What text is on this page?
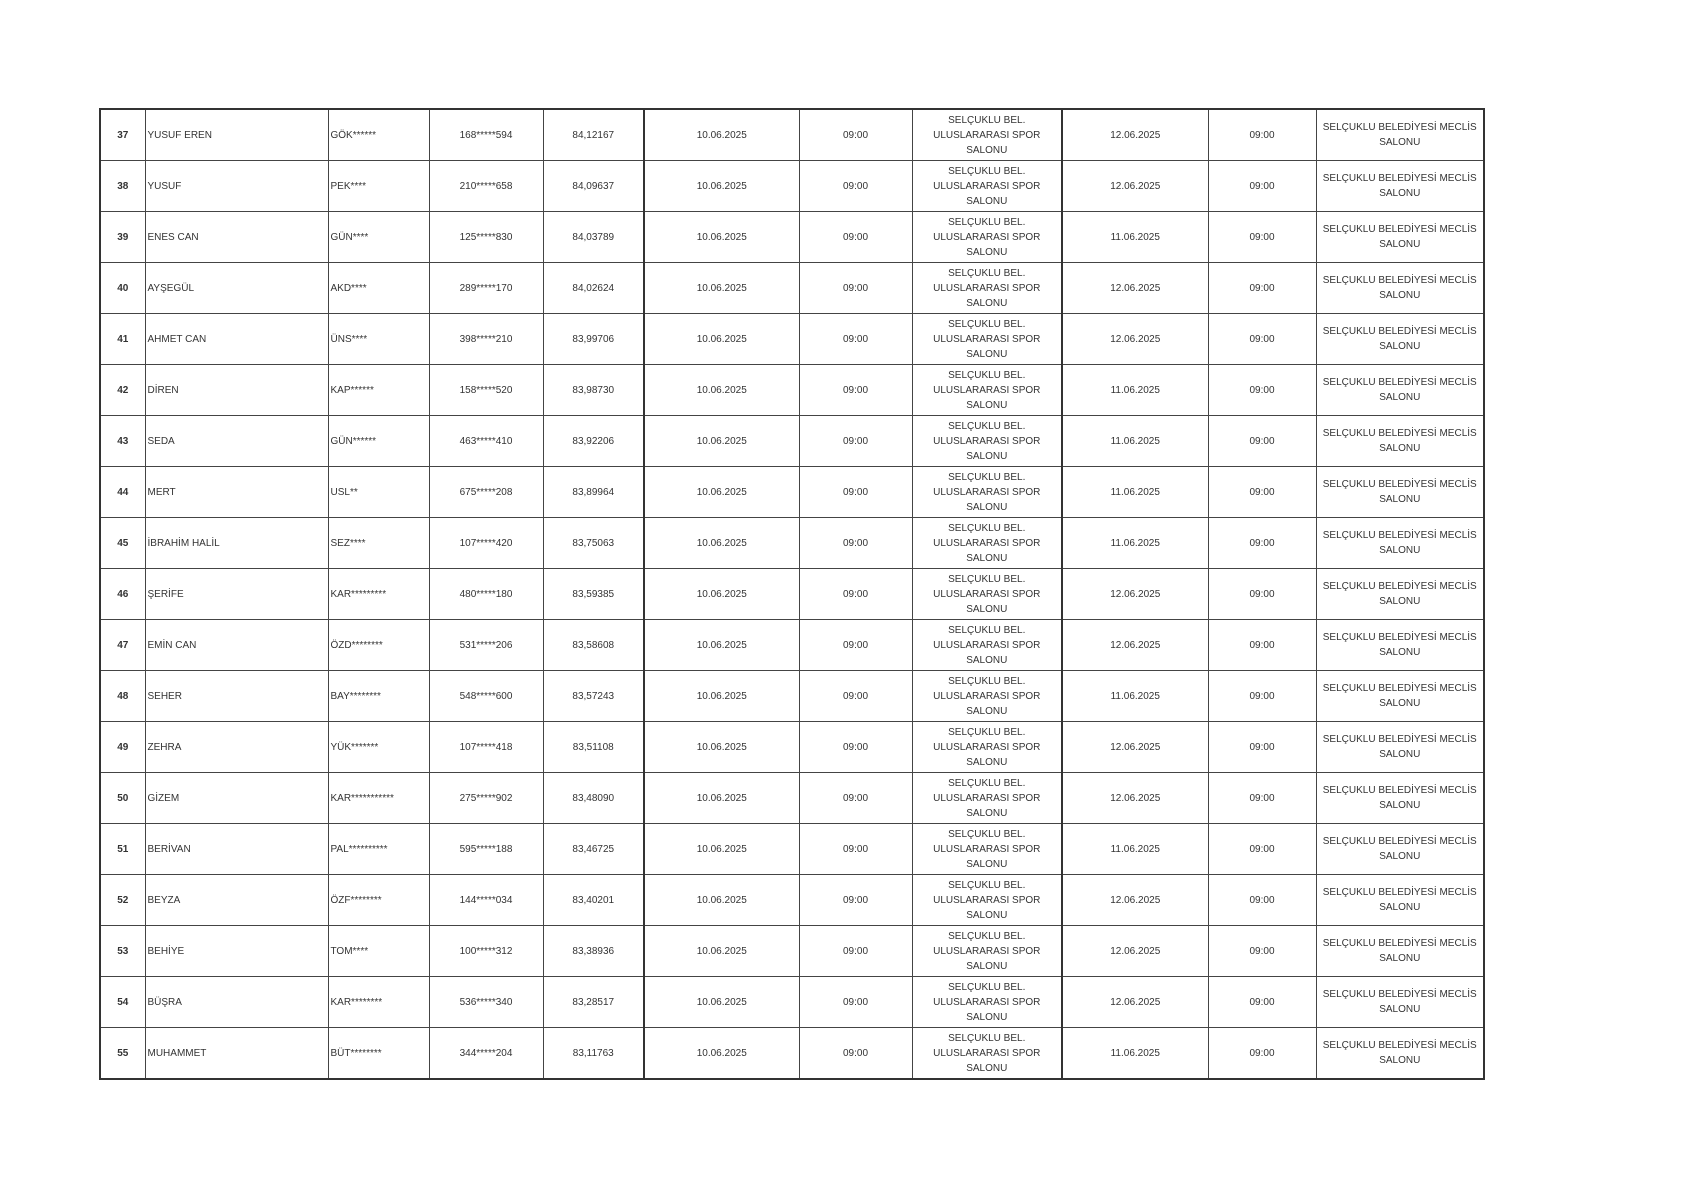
37	YUSUF EREN	GÖK******	168*****594	84,12167	10.06.2025	09:00	SELÇUKLU BEL. ULUSLARARASI SPOR SALONU	12.06.2025	09:00	SELÇUKLU BELEDİYESİ MECLİS SALONU
38	YUSUF	PEK****	210*****658	84,09637	10.06.2025	09:00	SELÇUKLU BEL. ULUSLARARASI SPOR SALONU	12.06.2025	09:00	SELÇUKLU BELEDİYESİ MECLİS SALONU
39	ENES CAN	GÜN****	125*****830	84,03789	10.06.2025	09:00	SELÇUKLU BEL. ULUSLARARASI SPOR SALONU	11.06.2025	09:00	SELÇUKLU BELEDİYESİ MECLİS SALONU
40	AYŞEGÜL	AKD****	289*****170	84,02624	10.06.2025	09:00	SELÇUKLU BEL. ULUSLARARASI SPOR SALONU	12.06.2025	09:00	SELÇUKLU BELEDİYESİ MECLİS SALONU
41	AHMET CAN	ÜNS****	398*****210	83,99706	10.06.2025	09:00	SELÇUKLU BEL. ULUSLARARASI SPOR SALONU	12.06.2025	09:00	SELÇUKLU BELEDİYESİ MECLİS SALONU
42	DİREN	KAP******	158*****520	83,98730	10.06.2025	09:00	SELÇUKLU BEL. ULUSLARARASI SPOR SALONU	11.06.2025	09:00	SELÇUKLU BELEDİYESİ MECLİS SALONU
43	SEDA	GÜN******	463*****410	83,92206	10.06.2025	09:00	SELÇUKLU BEL. ULUSLARARASI SPOR SALONU	11.06.2025	09:00	SELÇUKLU BELEDİYESİ MECLİS SALONU
44	MERT	USL**	675*****208	83,89964	10.06.2025	09:00	SELÇUKLU BEL. ULUSLARARASI SPOR SALONU	11.06.2025	09:00	SELÇUKLU BELEDİYESİ MECLİS SALONU
45	İBRAHİM HALİL	SEZ****	107*****420	83,75063	10.06.2025	09:00	SELÇUKLU BEL. ULUSLARARASI SPOR SALONU	11.06.2025	09:00	SELÇUKLU BELEDİYESİ MECLİS SALONU
46	ŞERİFE	KAR*********	480*****180	83,59385	10.06.2025	09:00	SELÇUKLU BEL. ULUSLARARASI SPOR SALONU	12.06.2025	09:00	SELÇUKLU BELEDİYESİ MECLİS SALONU
47	EMİN CAN	ÖZD********	531*****206	83,58608	10.06.2025	09:00	SELÇUKLU BEL. ULUSLARARASI SPOR SALONU	12.06.2025	09:00	SELÇUKLU BELEDİYESİ MECLİS SALONU
48	SEHER	BAY********	548*****600	83,57243	10.06.2025	09:00	SELÇUKLU BEL. ULUSLARARASI SPOR SALONU	11.06.2025	09:00	SELÇUKLU BELEDİYESİ MECLİS SALONU
49	ZEHRA	YÜK*******	107*****418	83,51108	10.06.2025	09:00	SELÇUKLU BEL. ULUSLARARASI SPOR SALONU	12.06.2025	09:00	SELÇUKLU BELEDİYESİ MECLİS SALONU
50	GİZEM	KAR***********	275*****902	83,48090	10.06.2025	09:00	SELÇUKLU BEL. ULUSLARARASI SPOR SALONU	12.06.2025	09:00	SELÇUKLU BELEDİYESİ MECLİS SALONU
51	BERİVAN	PAL**********	595*****188	83,46725	10.06.2025	09:00	SELÇUKLU BEL. ULUSLARARASI SPOR SALONU	11.06.2025	09:00	SELÇUKLU BELEDİYESİ MECLİS SALONU
52	BEYZA	ÖZF********	144*****034	83,40201	10.06.2025	09:00	SELÇUKLU BEL. ULUSLARARASI SPOR SALONU	12.06.2025	09:00	SELÇUKLU BELEDİYESİ MECLİS SALONU
53	BEHİYE	TOM****	100*****312	83,38936	10.06.2025	09:00	SELÇUKLU BEL. ULUSLARARASI SPOR SALONU	12.06.2025	09:00	SELÇUKLU BELEDİYESİ MECLİS SALONU
54	BÜŞRA	KAR********	536*****340	83,28517	10.06.2025	09:00	SELÇUKLU BEL. ULUSLARARASI SPOR SALONU	12.06.2025	09:00	SELÇUKLU BELEDİYESİ MECLİS SALONU
55	MUHAMMET	BÜT********	344*****204	83,11763	10.06.2025	09:00	SELÇUKLU BEL. ULUSLARARASI SPOR SALONU	11.06.2025	09:00	SELÇUKLU BELEDİYESİ MECLİS SALONU
